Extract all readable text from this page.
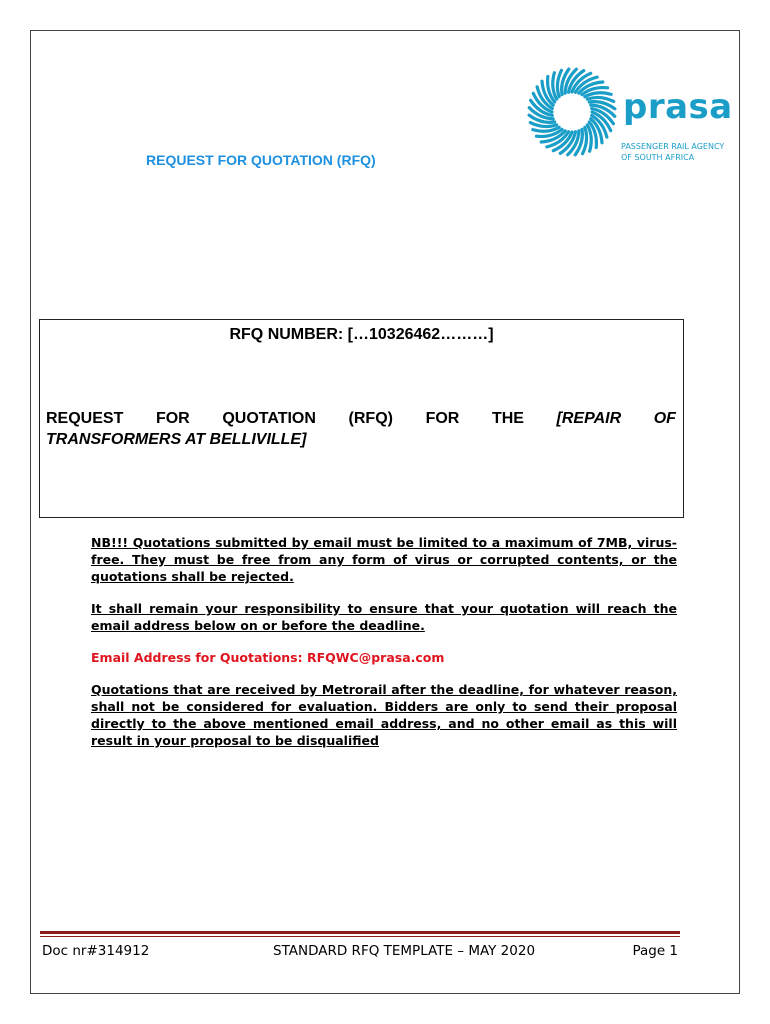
prasa
PASSENGER RAIL AGENCY
OF SOUTH AFRICA
REQUEST FOR QUOTATION (RFQ)
RFQ NUMBER: […10326462………]
REQUEST FOR QUOTATION (RFQ) FOR THE [REPAIR OF
TRANSFORMERS AT BELLIVILLE]

NB!!! Quotations submitted by email must be limited to a maximum of 7MB, virus-free. They must be free from any form of virus or corrupted contents, or the quotations shall be rejected.

It shall remain your responsibility to ensure that your quotation will reach the email address below on or before the deadline.

Email Address for Quotations: RFQWC@prasa.com

Quotations that are received by Metrorail after the deadline, for whatever reason, shall not be considered for evaluation. Bidders are only to send their proposal directly to the above mentioned email address, and no other email as this will result in your proposal to be disqualified

Doc nr#314912	STANDARD RFQ TEMPLATE – MAY 2020	Page 1
